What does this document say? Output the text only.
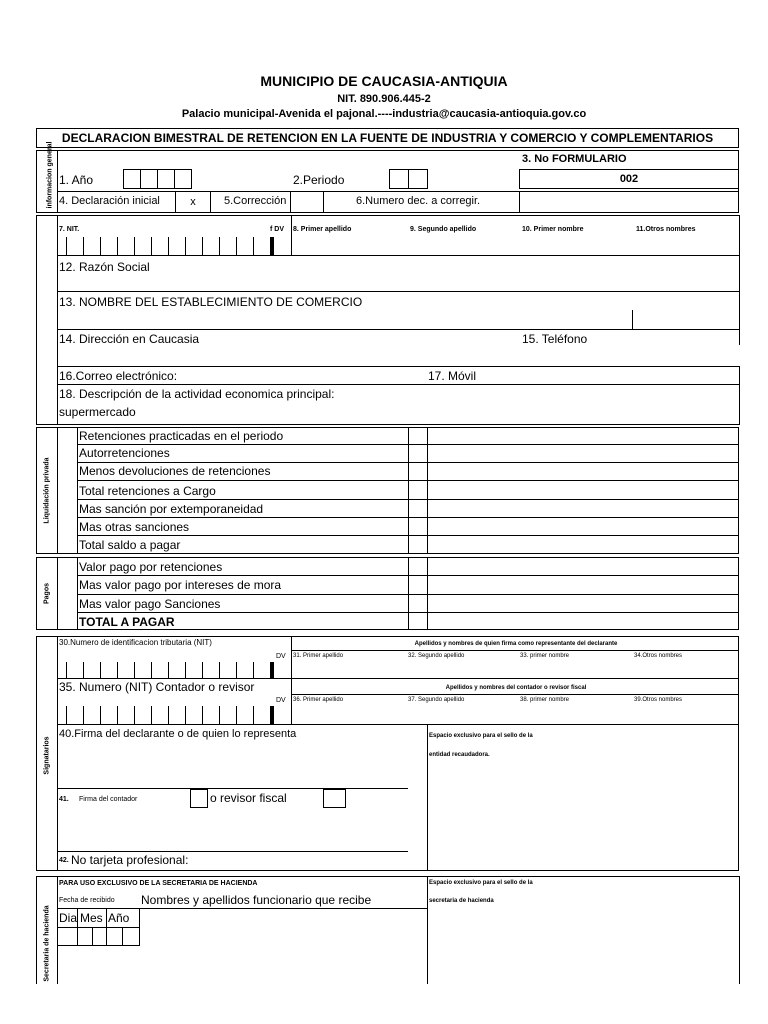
MUNICIPIO DE CAUCASIA-ANTIQUIA
NIT. 890.906.445-2
Palacio municipal-Avenida el pajonal.----industria@caucasia-antioquia.gov.co
DECLARACION BIMESTRAL DE RETENCION EN LA FUENTE DE INDUSTRIA Y COMERCIO Y COMPLEMENTARIOS
informacion general	3. No FORMULARIO
002
1. Año	2.Periodo
4. Declaración inicial	x	5.Corrección	6.Numero dec. a corregir.
7. NIT.	f DV 8. Primer apellido	9. Segundo apellido	10. Primer nombre	11.Otros nombres
12. Razón Social
13. NOMBRE DEL ESTABLECIMIENTO DE COMERCIO
14. Dirección en Caucasia	15. Teléfono
16.Correo electrónico:	17. Móvil
18. Descripción de la actividad economica principal:
supermercado
Liquidación privada
Retenciones practicadas en el periodo
Autorretenciones
Menos devoluciones de retenciones
Total retenciones a Cargo
Mas sanción por extemporaneidad
Mas otras sanciones
Total saldo a pagar
Pagos
Valor pago por retenciones
Mas valor pago por intereses de mora
Mas valor pago Sanciones
TOTAL A PAGAR
Signatarios
30.Numero de identificacion tributaria (NIT)	Apellidos y nombres de quien firma como representante del declarante
DV 31. Primer apellido	32. Segundo apellido	33. primer nombre	34.Otros nombres
35. Numero (NIT) Contador o revisor	Apellidos y nombres del contador o revisor fiscal
DV 36. Primer apellido	37. Segundo apellido	38. primer nombre	39.Otros nombres
40.Firma del declarante o de quien lo representa	Espacio exclusivo para el sello de la
entidad recaudadora.
41. Firma del contador	o revisor fiscal
42. No tarjeta profesional:
Secretaria de hacienda
PARA USO EXCLUSIVO DE LA SECRETARIA DE HACIENDA
Fecha de recibido Nombres y apellidos funcionario que recibe
Espacio exclusivo para el sello de la
secretaria de hacienda
Dia Mes Año
